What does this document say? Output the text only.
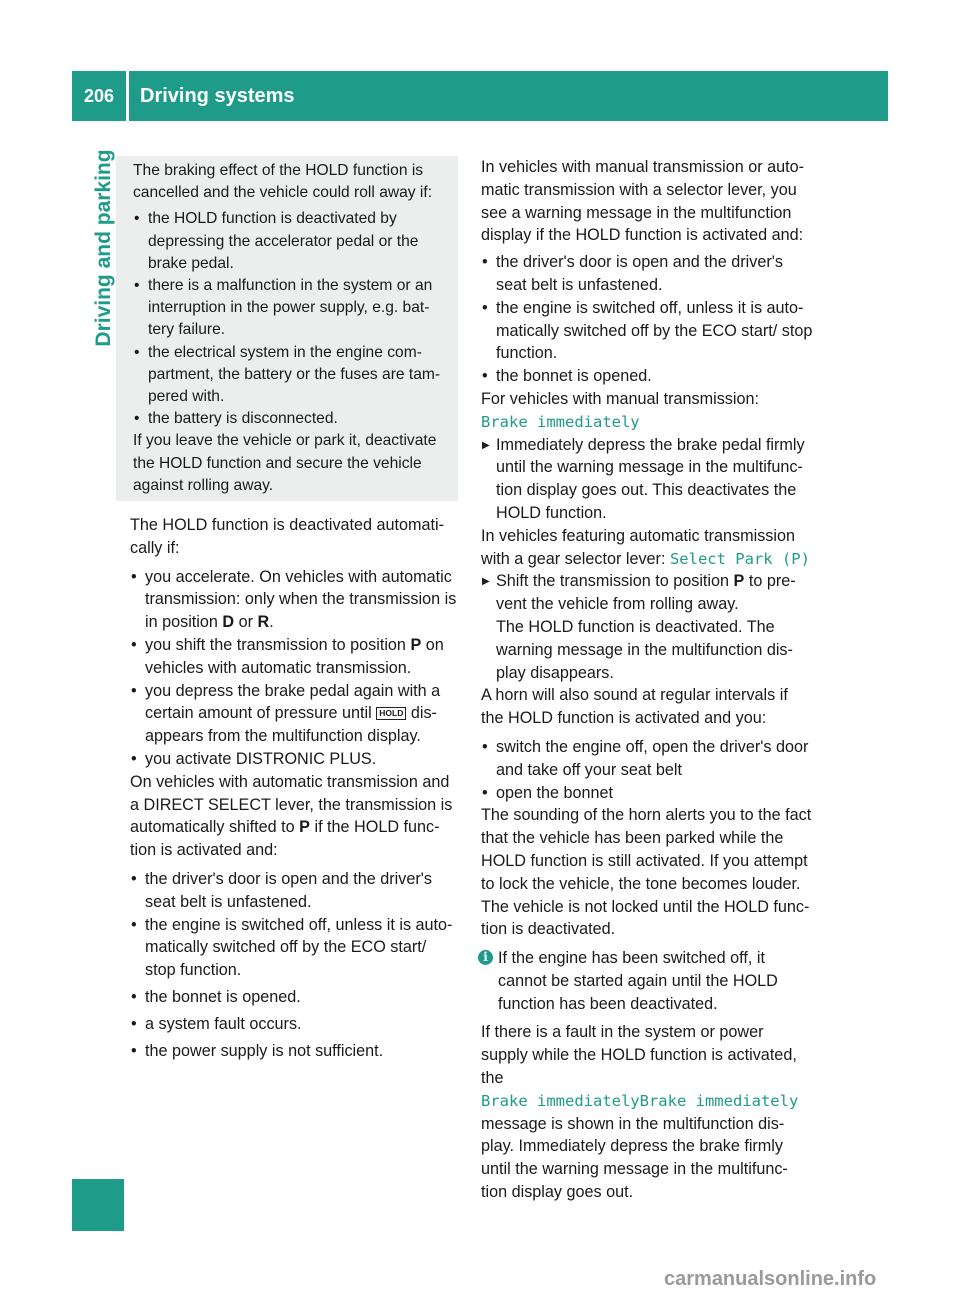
206	Driving systems
Driving and parking The braking effect of the HOLD function is cancelled and the vehicle could roll away if:

• the HOLD function is deactivated by depressing the accelerator pedal or the brake pedal.

• there is a malfunction in the system or an interruption in the power supply, e.g. bat- tery failure.

• the electrical system in the engine com- partment, the battery or the fuses are tam- pered with.

• the battery is disconnected.

If you leave the vehicle or park it, deactivate the HOLD function and secure the vehicle against rolling away.

The HOLD function is deactivated automati- cally if:

• you accelerate. On vehicles with automatic transmission: only when the transmission is in position D or R.

• you shift the transmission to position P on vehicles with automatic transmission.

• you depress the brake pedal again with a certain amount of pressure until HOLD dis- appears from the multifunction display.

• you activate DISTRONIC PLUS.

On vehicles with automatic transmission and a DIRECT SELECT lever, the transmission is automatically shifted to P if the HOLD func- tion is activated and:

• the driver's door is open and the driver's seat belt is unfastened.

• the engine is switched off, unless it is auto- matically switched off by the ECO start/ stop function.

• the bonnet is opened.

• a system fault occurs.

• the power supply is not sufficient.

In vehicles with manual transmission or auto- matic transmission with a selector lever, you see a warning message in the multifunction display if the HOLD function is activated and:

• the driver's door is open and the driver's seat belt is unfastened.

• the engine is switched off, unless it is auto- matically switched off by the ECO start/ stop function.

• the bonnet is opened.

For vehicles with manual transmission:

Brake immediately

▶ Immediately depress the brake pedal firmly until the warning message in the multifunc- tion display goes out. This deactivates the HOLD function.

In vehicles featuring automatic transmission with a gear selector lever: Select Park (P)

▶ Shift the transmission to position P to pre- vent the vehicle from rolling away.

The HOLD function is deactivated. The warning message in the multifunction dis- play disappears.

A horn will also sound at regular intervals if the HOLD function is activated and you:

• switch the engine off, open the driver's door and take off your seat belt

• open the bonnet

The sounding of the horn alerts you to the fact that the vehicle has been parked while the HOLD function is still activated. If you attempt to lock the vehicle, the tone becomes louder. The vehicle is not locked until the HOLD func- tion is deactivated.

i If the engine has been switched off, it cannot be started again until the HOLD function has been deactivated.

If there is a fault in the system or power supply while the HOLD function is activated, the

Brake immediatelyBrake immediately

message is shown in the multifunction dis- play. Immediately depress the brake firmly until the warning message in the multifunc- tion display goes out.

carmanualsonline.info
